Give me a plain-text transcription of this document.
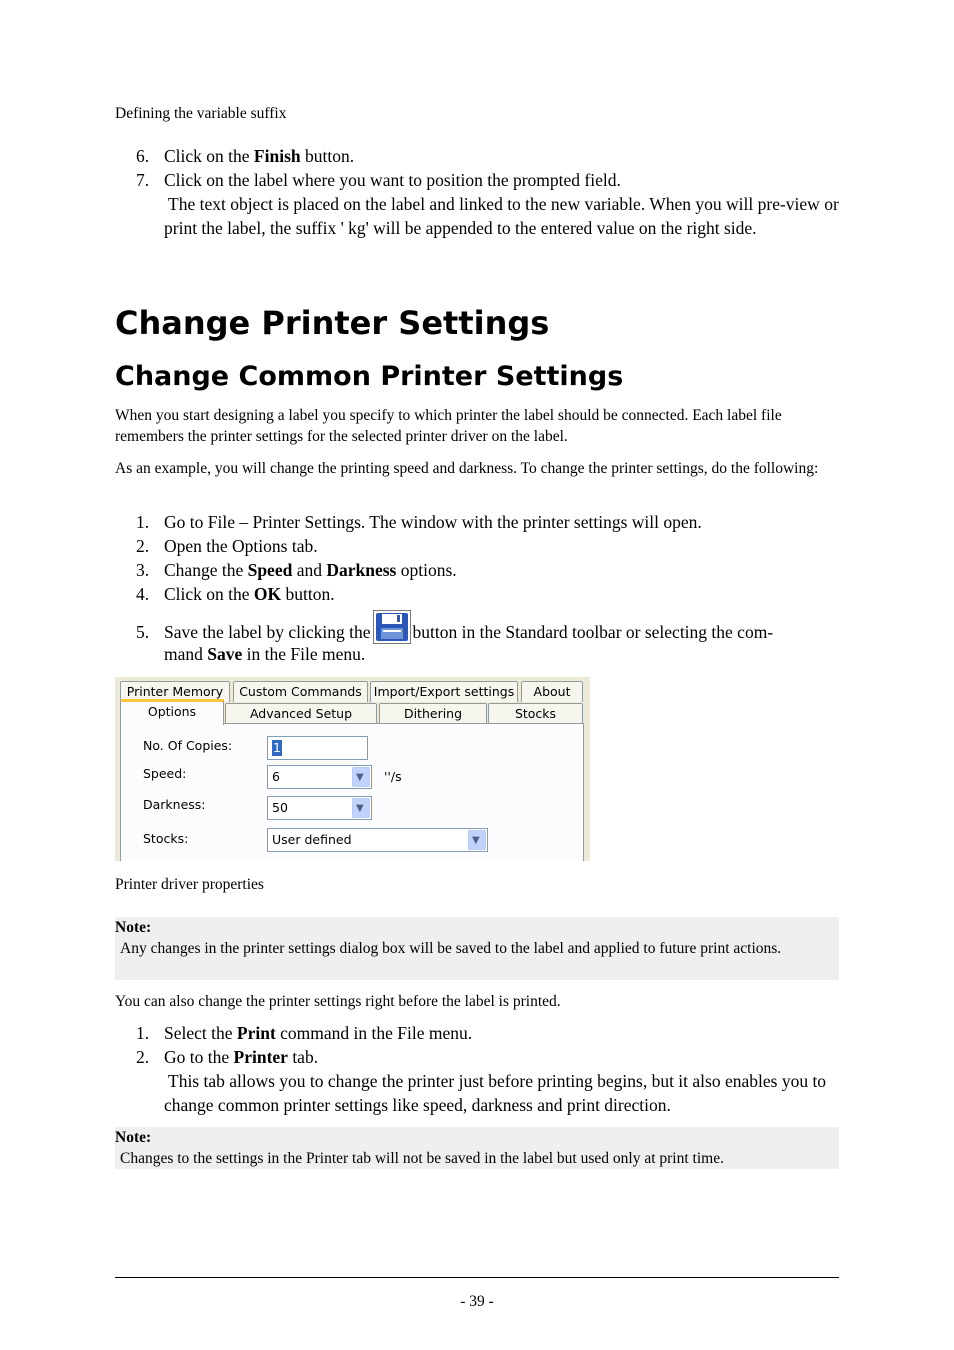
Defining the variable suffix
6. Click on the Finish button.
7. Click on the label where you want to position the prompted field.
The text object is placed on the label and linked to the new variable. When you will pre-view or print the label, the suffix ' kg' will be appended to the entered value on the right side.
Change Printer Settings
Change Common Printer Settings
When you start designing a label you specify to which printer the label should be connected. Each label file remembers the printer settings for the selected printer driver on the label.
As an example, you will change the printing speed and darkness. To change the printer settings, do the following:
1. Go to File – Printer Settings. The window with the printer settings will open.
2. Open the Options tab.
3. Change the Speed and Darkness options.
4. Click on the OK button.
5. Save the label by clicking the button in the Standard toolbar or selecting the com-
mand Save in the File menu.
Printer Memory	Custom Commands Import/Export settings	About
Options	Advanced Setup	Dithering	Stocks
No. Of Copies:	1
Speed:	6	▼ ''/s
Darkness:	50	▼
Stocks:	User defined	▼
Printer driver properties
Note:
Any changes in the printer settings dialog box will be saved to the label and applied to future print actions.
You can also change the printer settings right before the label is printed.
1. Select the Print command in the File menu.
2. Go to the Printer tab.
This tab allows you to change the printer just before printing begins, but it also enables you to change common printer settings like speed, darkness and print direction.
Note:
Changes to the settings in the Printer tab will not be saved in the label but used only at print time.
- 39 -
